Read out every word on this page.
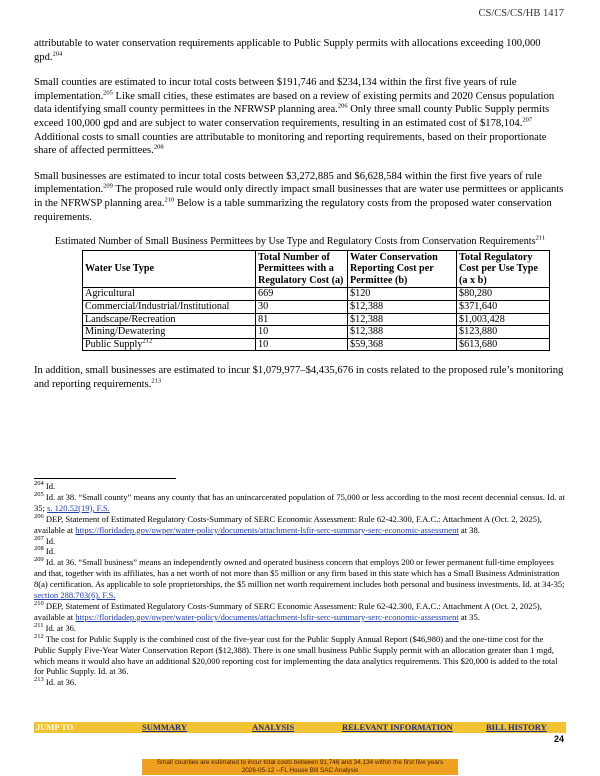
CS/CS/CS/HB 1417

attributable to water conservation requirements applicable to Public Supply permits with allocations exceeding 100,000 gpd.$^{204}$

Small counties are estimated to incur total costs between $191,746 and $234,134 within the first five years of rule implementation.$^{205}$ Like small cities, these estimates are based on a review of existing permits and 2020 Census population data identifying small county permittees in the NFRWSP planning area.$^{206}$ Only three small county Public Supply permits exceed 100,000 gpd and are subject to water conservation requirements, resulting in an estimated cost of $178,104.$^{207}$ Additional costs to small counties are attributable to monitoring and reporting requirements, based on their proportionate share of affected permittees.$^{208}$

Small businesses are estimated to incur total costs between $3,272,885 and $6,628,584 within the first five years of rule implementation.$^{209}$ The proposed rule would only directly impact small businesses that are water use permittees or applicants in the NFRWSP planning area.$^{210}$ Below is a table summarizing the regulatory costs from the proposed water conservation requirements.

Estimated Number of Small Business Permittees by Use Type and Regulatory Costs from Conservation Requirements$^{211}$
Water Use Type	Total Number of Permittees with a Regulatory Cost (a)	Water Conservation Reporting Cost per Permittee (b)	Total Regulatory Cost per Use Type (a x b)
Agricultural	669	$120	$80,280
Commercial/Industrial/Institutional	30	$12,388	$371,640
Landscape/Recreation	81	$12,388	$1,003,428
Mining/Dewatering	10	$12,388	$123,880
Public Supply$^{212}$	10	$59,368	$613,680

In addition, small businesses are estimated to incur $1,079,977–$4,435,676 in costs related to the proposed rule’s monitoring and reporting requirements.$^{213}$

$^{204}$ Id.

$^{205}$ Id. at 38. “Small county” means any county that has an unincarcerated population of 75,000 or less according to the most recent decennial census. Id. at 35; s. 120.52(19), F.S.

$^{206}$ DEP, Statement of Estimated Regulatory Costs-Summary of SERC Economic Assessment: Rule 62-42.300, F.A.C.: Attachment A (Oct. 2, 2025), available at https://floridadep.gov/owper/water-policy/documents/attachment-lsfir-serc-summary-serc-economic-assessment at 38.

$^{207}$ Id.

$^{208}$ Id.

$^{209}$ Id. at 36. “Small business” means an independently owned and operated business concern that employs 200 or fewer permanent full-time employees and that, together with its affiliates, has a net worth of not more than $5 million or any firm based in this state which has a Small Business Administration 8(a) certification. As applicable to sole proprietorships, the $5 million net worth requirement includes both personal and business investments. Id. at 34-35; section 288.703(6), F.S.

$^{210}$ DEP, Statement of Estimated Regulatory Costs-Summary of SERC Economic Assessment: Rule 62-42.300, F.A.C.: Attachment A (Oct. 2, 2025), available at https://floridadep.gov/owper/water-policy/documents/attachment-lsfir-serc-summary-serc-economic-assessment at 35.

$^{211}$ Id. at 36.

$^{212}$ The cost for Public Supply is the combined cost of the five-year cost for the Public Supply Annual Report ($46,980) and the one-time cost for the Public Supply Five-Year Water Conservation Report ($12,388). There is one small business Public Supply permit with an allocation greater than 1 mgd, which means it would also have an additional $20,000 reporting cost for implementing the data analytics requirements. This $20,000 is added to the total for Public Supply. Id. at 36.

$^{213}$ Id. at 36.

JUMP TO	SUMMARY	ANALYSIS	RELEVANT INFORMATION	BILL HISTORY
24
Small counties are estimated to incur total costs between 91,746 and 34,134 within the first five years
2026-05-12 --FL House Bill SAC Analysis
